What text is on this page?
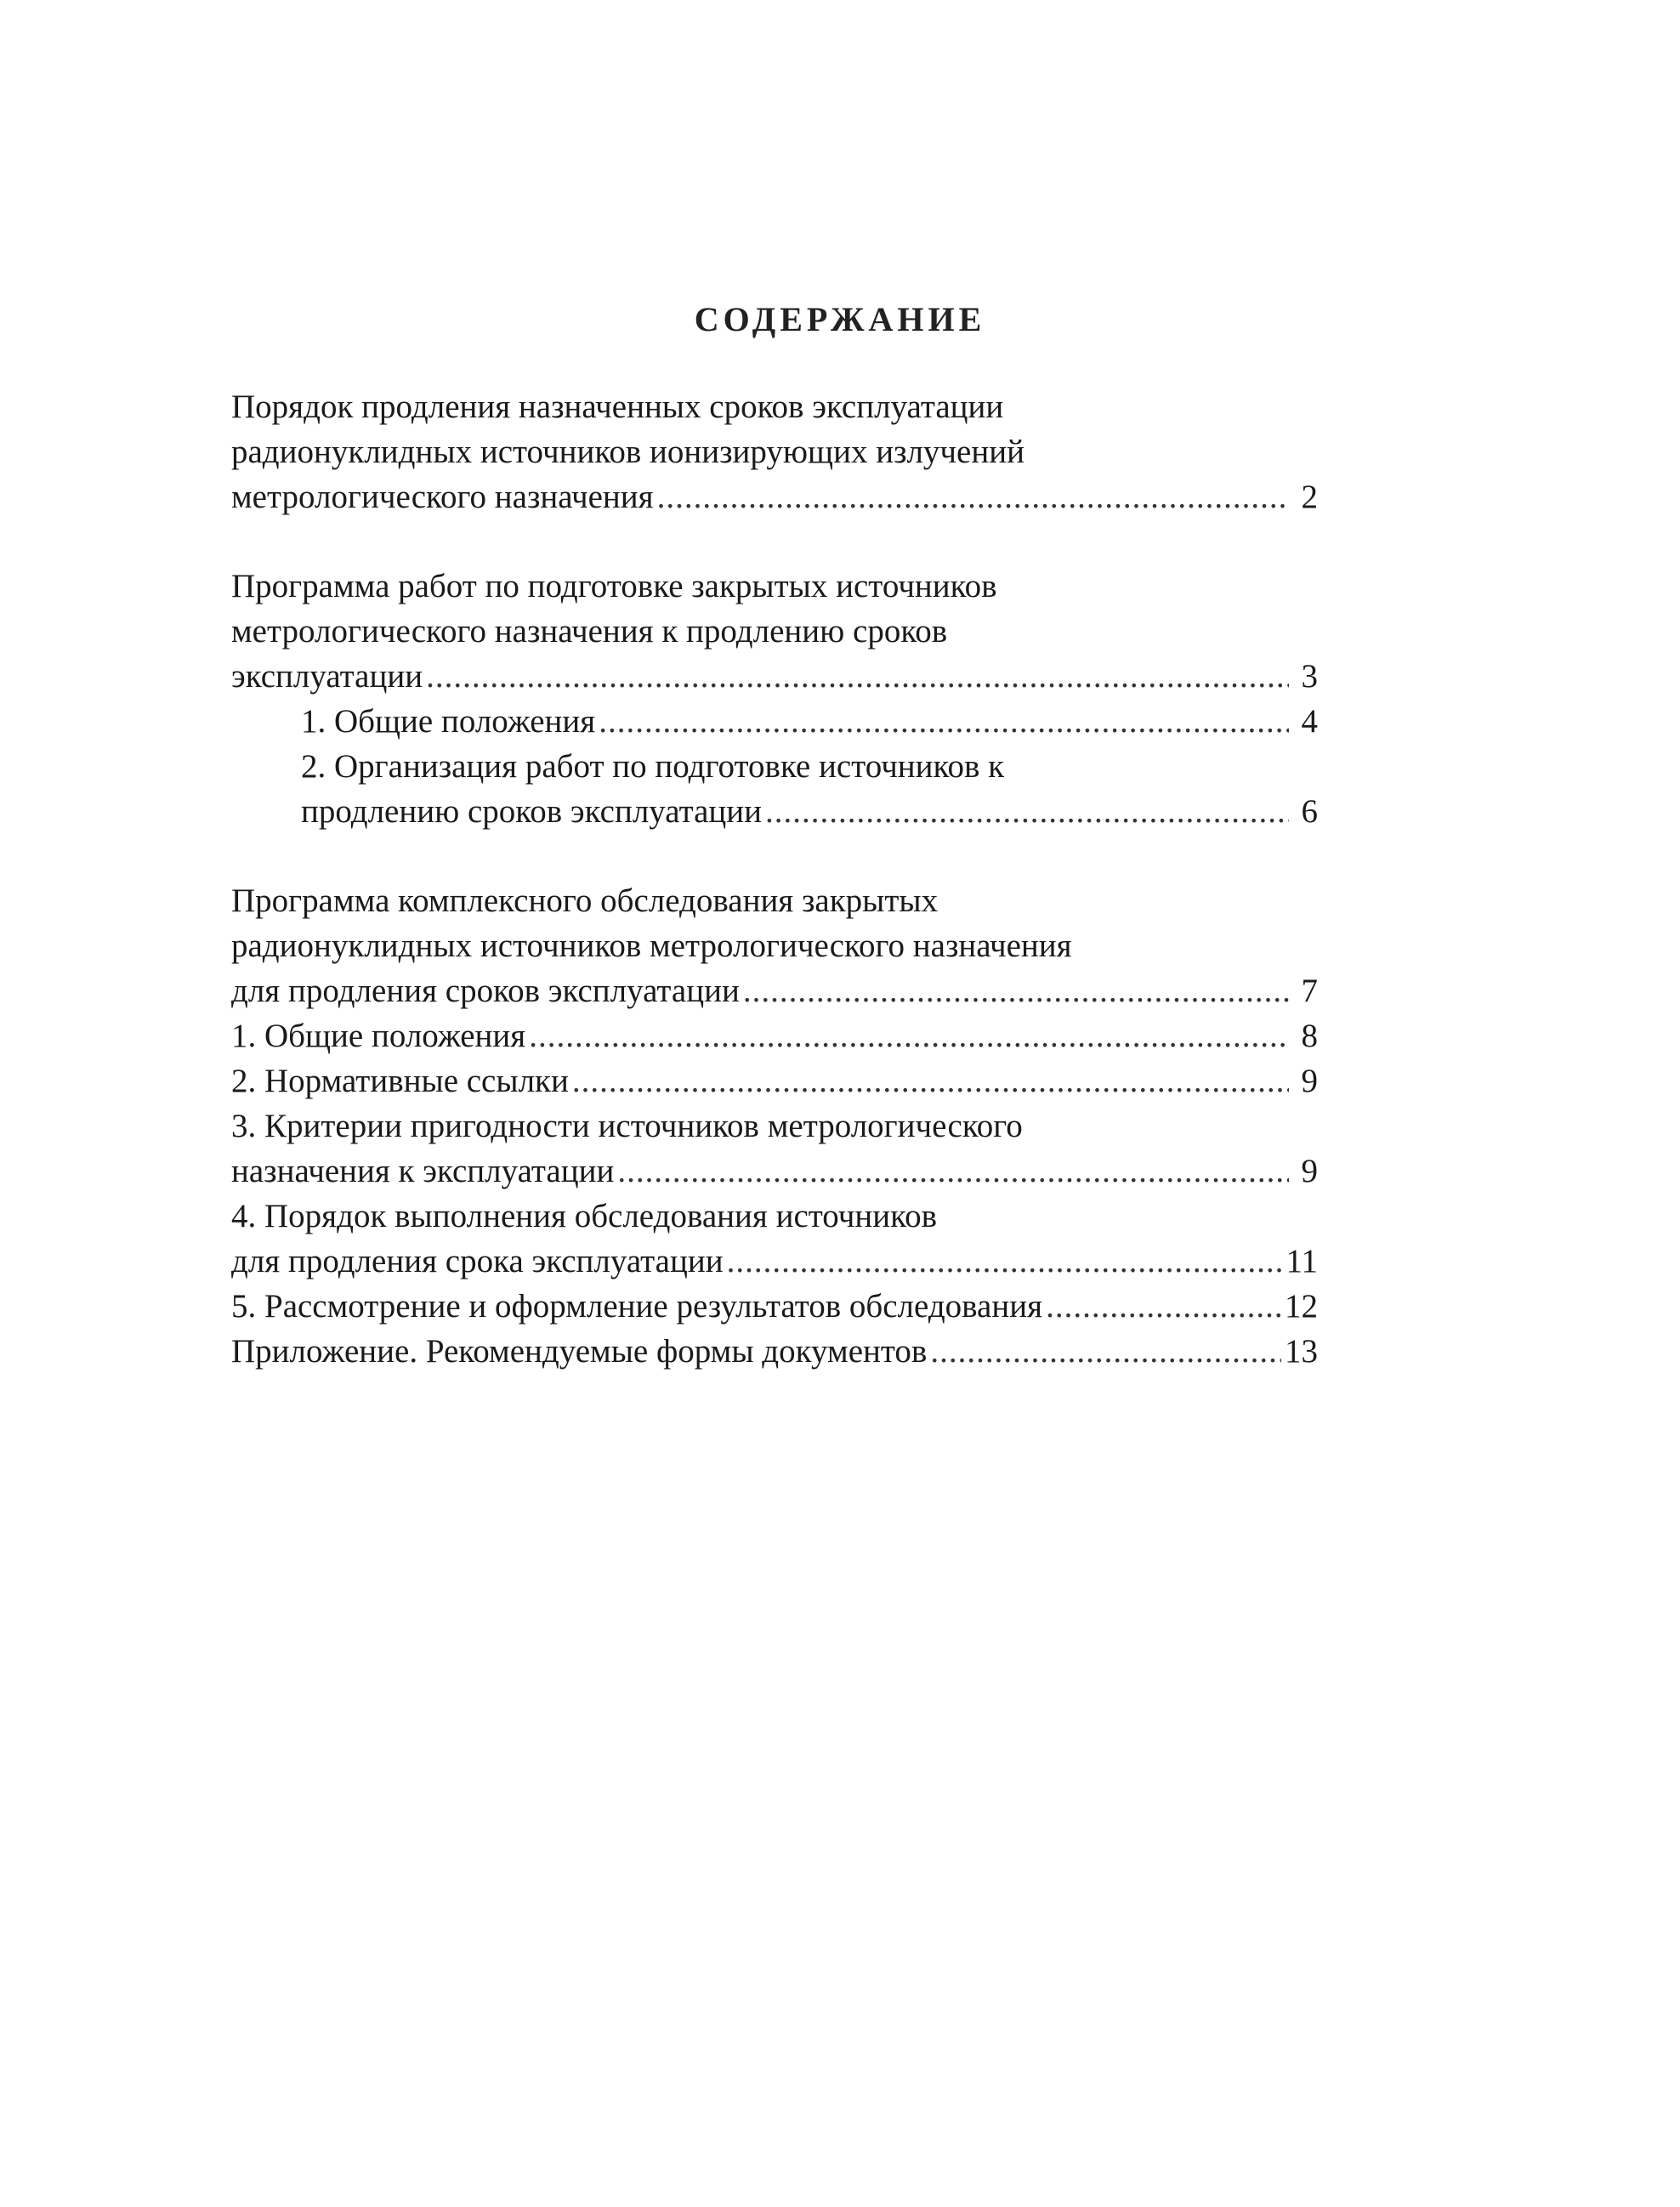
СОДЕРЖАНИЕ
Порядок продления назначенных сроков эксплуатации
радионуклидных источников ионизирующих излучений
метрологического назначения .....	2
Программа работ по подготовке закрытых источников
метрологического назначения к продлению сроков
эксплуатации .....	3
1. Общие положения .....	4
2. Организация работ по подготовке источников к
продлению сроков эксплуатации .....	6
Программа комплексного обследования закрытых
радионуклидных источников метрологического назначения
для продления сроков эксплуатации .....	7
1. Общие положения .....	8
2. Нормативные ссылки .....	9
3. Критерии пригодности источников метрологического
назначения к эксплуатации .....	9
4. Порядок выполнения обследования источников
для продления срока эксплуатации .....	11
5. Рассмотрение и оформление результатов обследования .....	12
Приложение. Рекомендуемые формы документов .....	13
